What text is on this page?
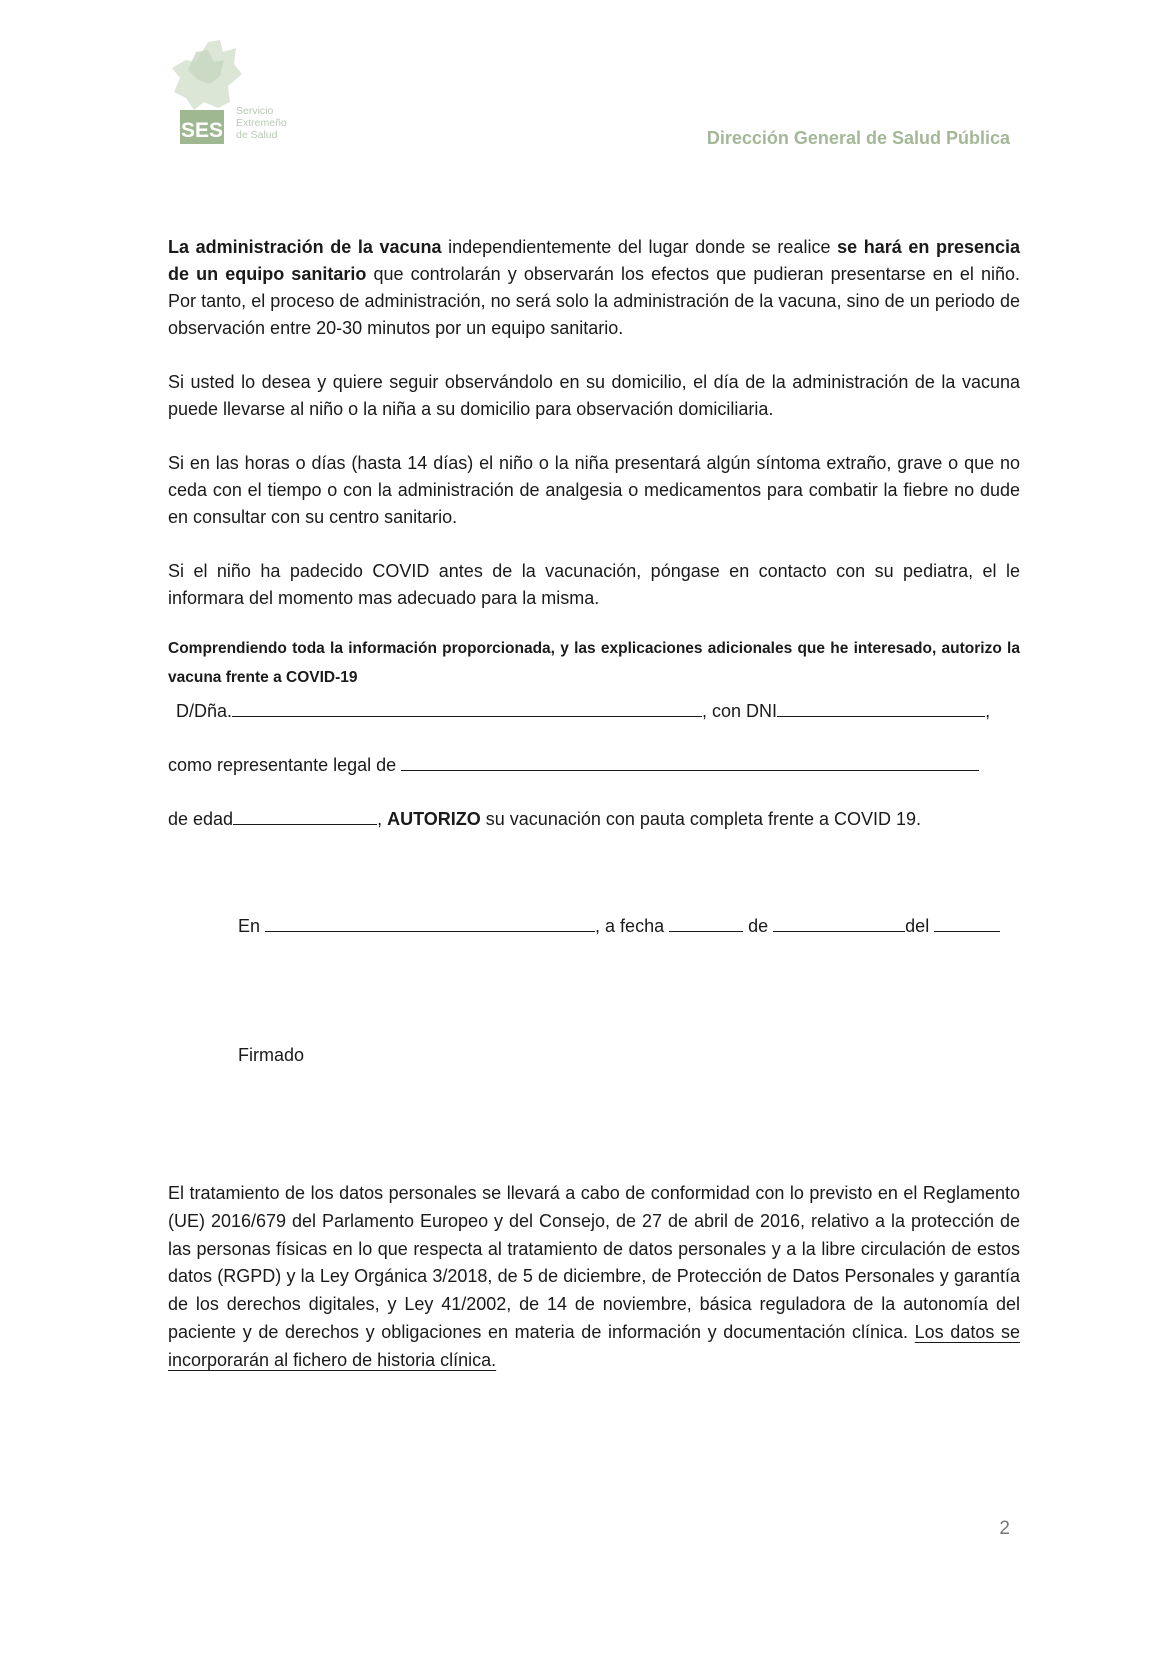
SES
Servicio
Extremeño
de Salud	Dirección General de Salud Pública

La administración de la vacuna independientemente del lugar donde se realice se hará en presencia de un equipo sanitario que controlarán y observarán los efectos que pudieran presentarse en el niño. Por tanto, el proceso de administración, no será solo la administración de la vacuna, sino de un periodo de observación entre 20-30 minutos por un equipo sanitario.

Si usted lo desea y quiere seguir observándolo en su domicilio, el día de la administración de la vacuna puede llevarse al niño o la niña a su domicilio para observación domiciliaria.

Si en las horas o días (hasta 14 días) el niño o la niña presentará algún síntoma extraño, grave o que no ceda con el tiempo o con la administración de analgesia o medicamentos para combatir la fiebre no dude en consultar con su centro sanitario.

Si el niño ha padecido COVID antes de la vacunación, póngase en contacto con su pediatra, el le informara del momento mas adecuado para la misma.

Comprendiendo toda la información proporcionada, y las explicaciones adicionales que he interesado, autorizo la vacuna frente a COVID-19

D/Dña.	, con DNI	,
como representante legal de
de edad	, AUTORIZO su vacunación con pauta completa frente a COVID 19.
En	, a fecha	de	del
Firmado
El tratamiento de los datos personales se llevará a cabo de conformidad con lo previsto en el Reglamento (UE) 2016/679 del Parlamento Europeo y del Consejo, de 27 de abril de 2016, relativo a la protección de las personas físicas en lo que respecta al tratamiento de datos personales y a la libre circulación de estos datos (RGPD) y la Ley Orgánica 3/2018, de 5 de diciembre, de Protección de Datos Personales y garantía de los derechos digitales, y Ley 41/2002, de 14 de noviembre, básica reguladora de la autonomía del paciente y de derechos y obligaciones en materia de información y documentación clínica. Los datos se incorporarán al fichero de historia clínica.
2
